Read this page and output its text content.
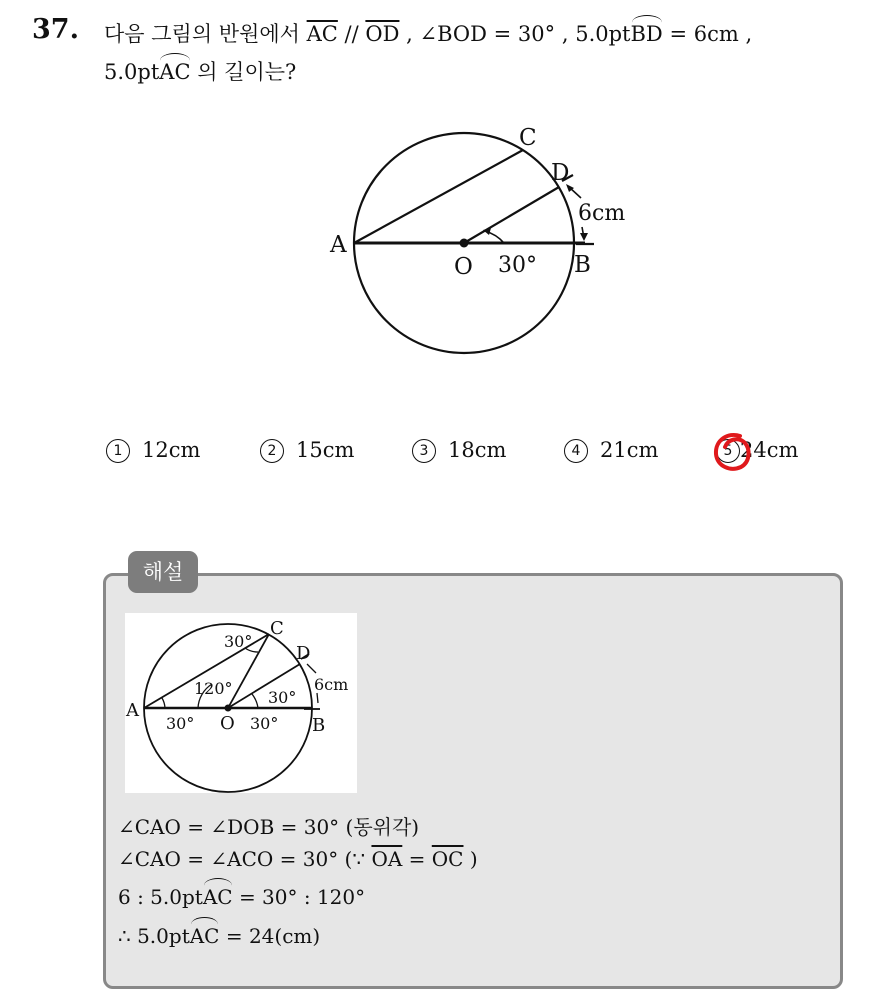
37. 다음 그림의 반원에서 $\overline{AC} // \overline{OD}$ , ∠BOD = 30° , 5.0ptBD = 6cm ,
5.0ptAC 의 길이는?
A
B
C
D
O 30°
6cm
1 12cm	2 15cm	3 18cm	4 21cm	5 24cm
해설
A
B
C
D
O
30°
120° 30°
30°	30°
6cm
∠CAO = ∠DOB = 30° (동위각)
∠CAO = ∠ACO = 30° (∵ $\overline{OA} = \overline{OC}$ )
6 : 5.0ptAC = 30° : 120°
∴ 5.0ptAC = 24(cm)
